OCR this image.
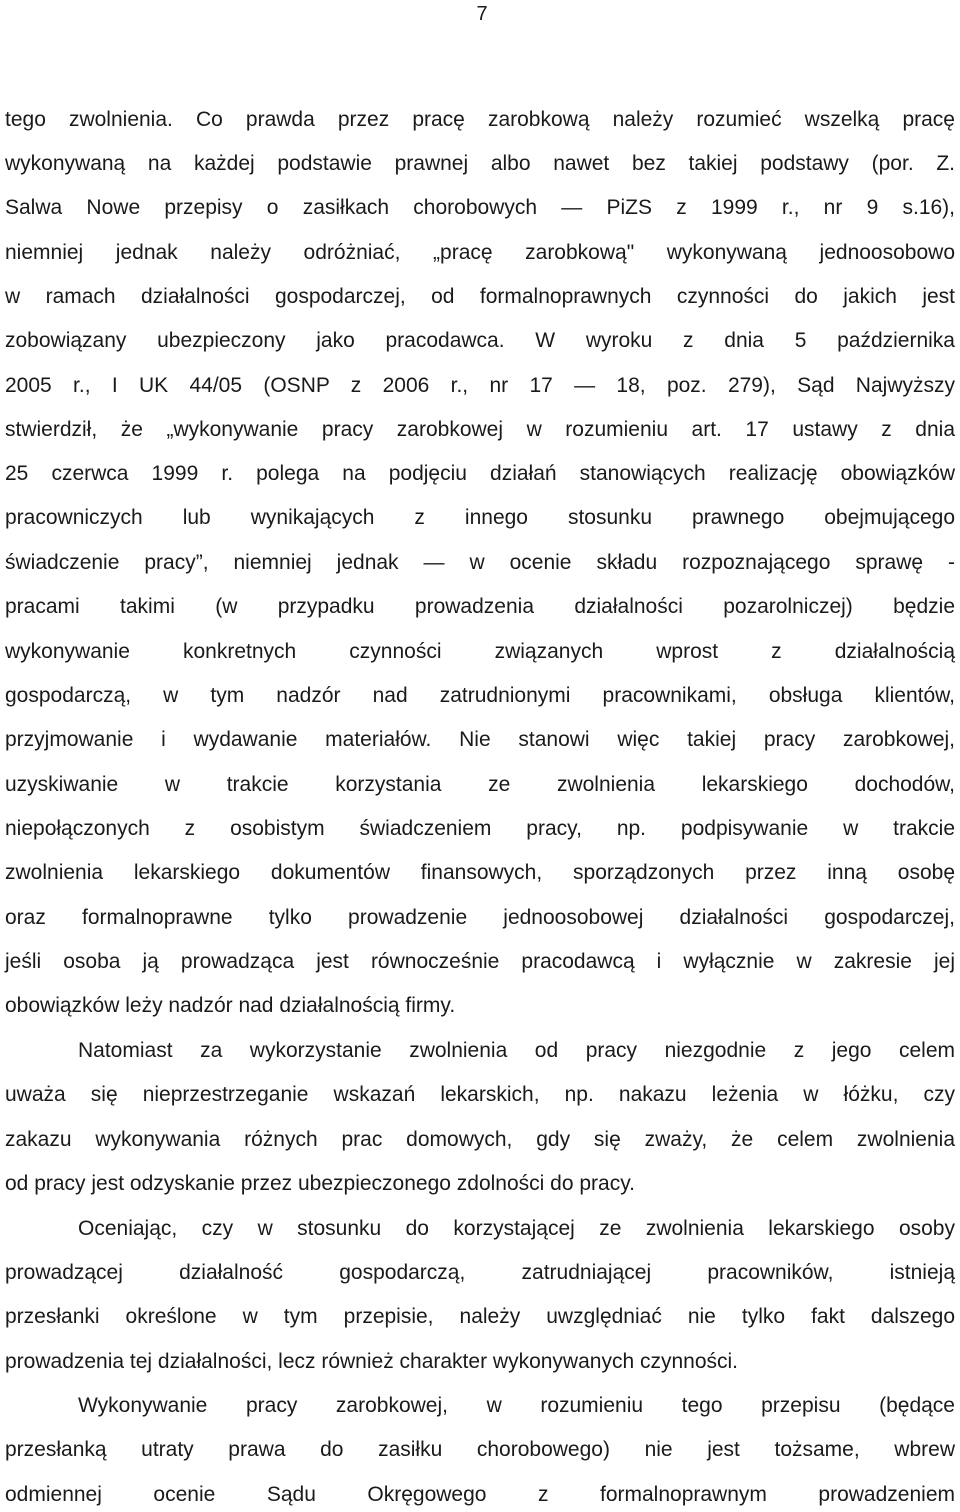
7
tego zwolnienia. Co prawda przez pracę zarobkową należy rozumieć wszelką pracę
wykonywaną na każdej podstawie prawnej albo nawet bez takiej podstawy (por. Z.
Salwa Nowe przepisy o zasiłkach chorobowych — PiZS z 1999 r., nr 9 s.16),
niemniej jednak należy odróżniać, „pracę zarobkową" wykonywaną jednoosobowo
w ramach działalności gospodarczej, od formalnoprawnych czynności do jakich jest
zobowiązany ubezpieczony jako pracodawca. W wyroku z dnia 5 października
2005 r., I UK 44/05 (OSNP z 2006 r., nr 17 — 18, poz. 279), Sąd Najwyższy
stwierdził, że „wykonywanie pracy zarobkowej w rozumieniu art. 17 ustawy z dnia
25 czerwca 1999 r. polega na podjęciu działań stanowiących realizację obowiązków
pracowniczych lub wynikających z innego stosunku prawnego obejmującego
świadczenie pracy”, niemniej jednak — w ocenie składu rozpoznającego sprawę -
pracami takimi (w przypadku prowadzenia działalności pozarolniczej) będzie
wykonywanie konkretnych czynności związanych wprost z działalnością
gospodarczą, w tym nadzór nad zatrudnionymi pracownikami, obsługa klientów,
przyjmowanie i wydawanie materiałów. Nie stanowi więc takiej pracy zarobkowej,
uzyskiwanie w trakcie korzystania ze zwolnienia lekarskiego dochodów,
niepołączonych z osobistym świadczeniem pracy, np. podpisywanie w trakcie
zwolnienia lekarskiego dokumentów finansowych, sporządzonych przez inną osobę
oraz formalnoprawne tylko prowadzenie jednoosobowej działalności gospodarczej,
jeśli osoba ją prowadząca jest równocześnie pracodawcą i wyłącznie w zakresie jej
obowiązków leży nadzór nad działalnością firmy.
Natomiast za wykorzystanie zwolnienia od pracy niezgodnie z jego celem
uważa się nieprzestrzeganie wskazań lekarskich, np. nakazu leżenia w łóżku, czy
zakazu wykonywania różnych prac domowych, gdy się zważy, że celem zwolnienia
od pracy jest odzyskanie przez ubezpieczonego zdolności do pracy.
Oceniając, czy w stosunku do korzystającej ze zwolnienia lekarskiego osoby
prowadzącej działalność gospodarczą, zatrudniającej pracowników, istnieją
przesłanki określone w tym przepisie, należy uwzględniać nie tylko fakt dalszego
prowadzenia tej działalności, lecz również charakter wykonywanych czynności.
Wykonywanie pracy zarobkowej, w rozumieniu tego przepisu (będące
przesłanką utraty prawa do zasiłku chorobowego) nie jest tożsame, wbrew
odmiennej ocenie Sądu Okręgowego z formalnoprawnym prowadzeniem
